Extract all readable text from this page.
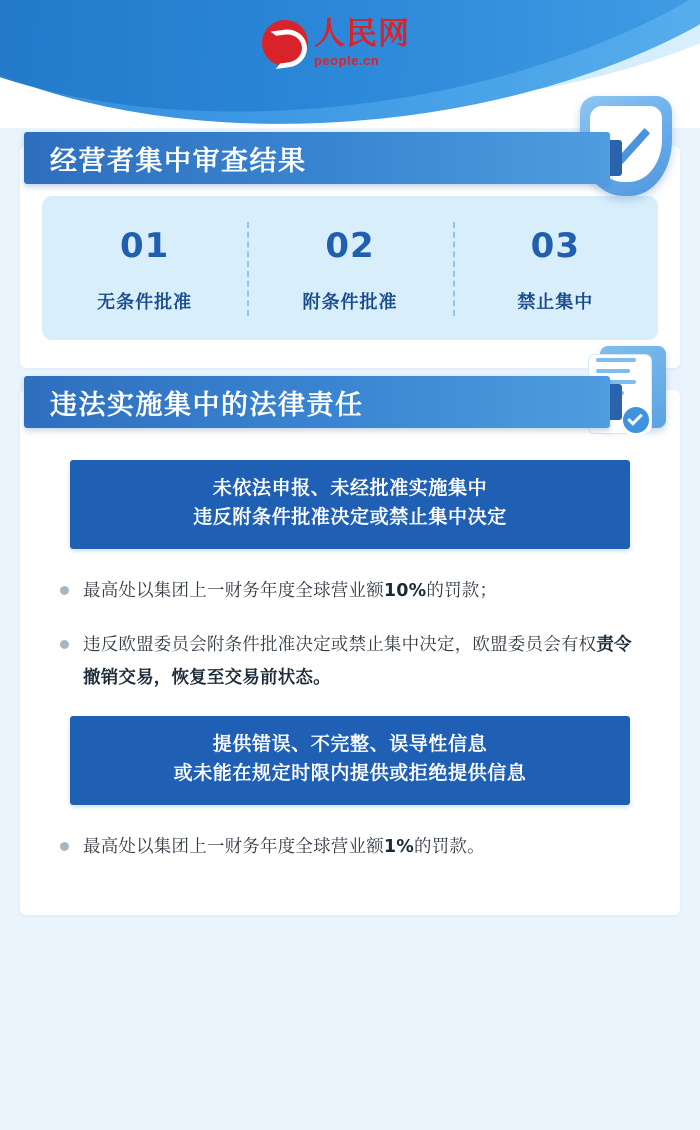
人民网
people.cn
经营者集中审查结果
01
无条件批准
02
附条件批准
03
禁止集中
违法实施集中的法律责任
未依法申报、未经批准实施集中
违反附条件批准决定或禁止集中决定
最高处以集团上一财务年度全球营业额10%的罚款；
违反欧盟委员会附条件批准决定或禁止集中决定，欧盟委员会有权责令撤销交易，恢复至交易前状态。
提供错误、不完整、误导性信息
或未能在规定时限内提供或拒绝提供信息
最高处以集团上一财务年度全球营业额1%的罚款。
